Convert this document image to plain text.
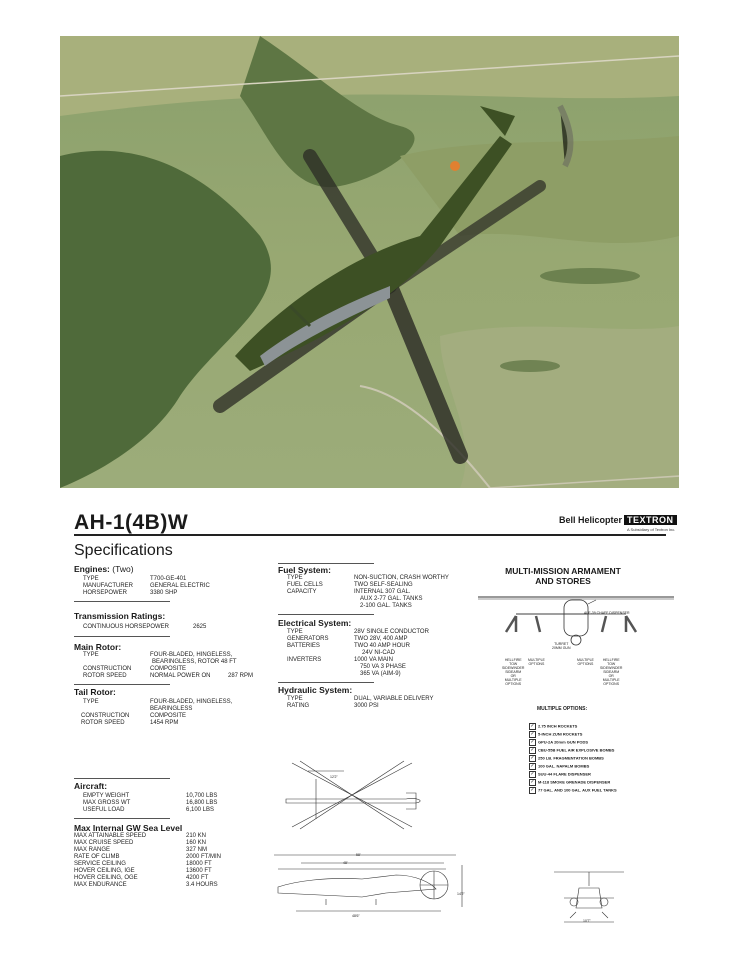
AH-1(4B)W	Bell Helicopter TEXTRON
A Subsidiary of Textron Inc.
Specifications
Engines: (Two)
TYPE	T700-GE-401
MANUFACTURER	GENERAL ELECTRIC
HORSEPOWER	3380 SHP
Transmission Ratings:
CONTINUOUS HORSEPOWER	2625
Main Rotor:
TYPE	FOUR-BLADED, HINGELESS,
BEARINGLESS, ROTOR 48 FT
CONSTRUCTION	COMPOSITE
ROTOR SPEED	NORMAL POWER ON	287 RPM
Tail Rotor:
TYPE	FOUR-BLADED, HINGELESS,
BEARINGLESS
CONSTRUCTION	COMPOSITE
ROTOR SPEED	1454 RPM
Aircraft:
EMPTY WEIGHT	10,700 LBS
MAX GROSS WT	16,800 LBS
USEFUL LOAD	6,100 LBS
Max Internal GW Sea Level
MAX ATTAINABLE SPEED	210 KN
MAX CRUISE SPEED	160 KN
MAX RANGE	327 NM
RATE OF CLIMB	2000 FT/MIN
SERVICE CEILING	18000 FT
HOVER CEILING, IGE	13600 FT
HOVER CEILING, OGE	4200 FT
MAX ENDURANCE	3.4 HOURS
Fuel System:
TYPE	NON-SUCTION, CRASH WORTHY
FUEL CELLS	TWO SELF-SEALING
CAPACITY	INTERNAL 307 GAL.
AUX 2-77 GAL. TANKS
2-100 GAL. TANKS
Electrical System:
TYPE	28V SINGLE CONDUCTOR
GENERATORS	TWO 28V, 400 AMP
BATTERIES	TWO 40 AMP HOUR
24V NI-CAD
INVERTERS	1000 VA MAIN
750 VA 3 PHASE
365 VA (AIM-9)
Hydraulic System:
TYPE	DUAL, VARIABLE DELIVERY
RATING	3000 PSI
MULTI-MISSION ARMAMENT
AND STORES
ALE-39 CHAFF DISPENSER
TURRET
20MM GUN
HELLFIRE
TOW
SIDEWINDER
SIDEARM
OR
MULTIPLE
OPTIONS
MULTIPLE
OPTIONS
MULTIPLE
OPTIONS
HELLFIRE
TOW
SIDEWINDER
SIDEARM
OR
MULTIPLE
OPTIONS
MULTIPLE OPTIONS:
✓ 2.75 INCH ROCKETS
✓ 5-INCH ZUNI ROCKETS
✓ GPU-2A 20mm GUN PODS
✓ CBU-55B FUEL AIR EXPLOSIVE BOMBS
✓ 250 LB. FRAGMENTATION BOMBS
✓ 100 GAL. NAPALM BOMBS
✓ SUU-44 FLARE DISPENSER
✓ M-118 SMOKE GRENADE DISPENSER
✓ 77 GAL. AND 100 GAL. AUX FUEL TANKS
12'2"
58'
48'
48'6"
14'2"
10'7"
